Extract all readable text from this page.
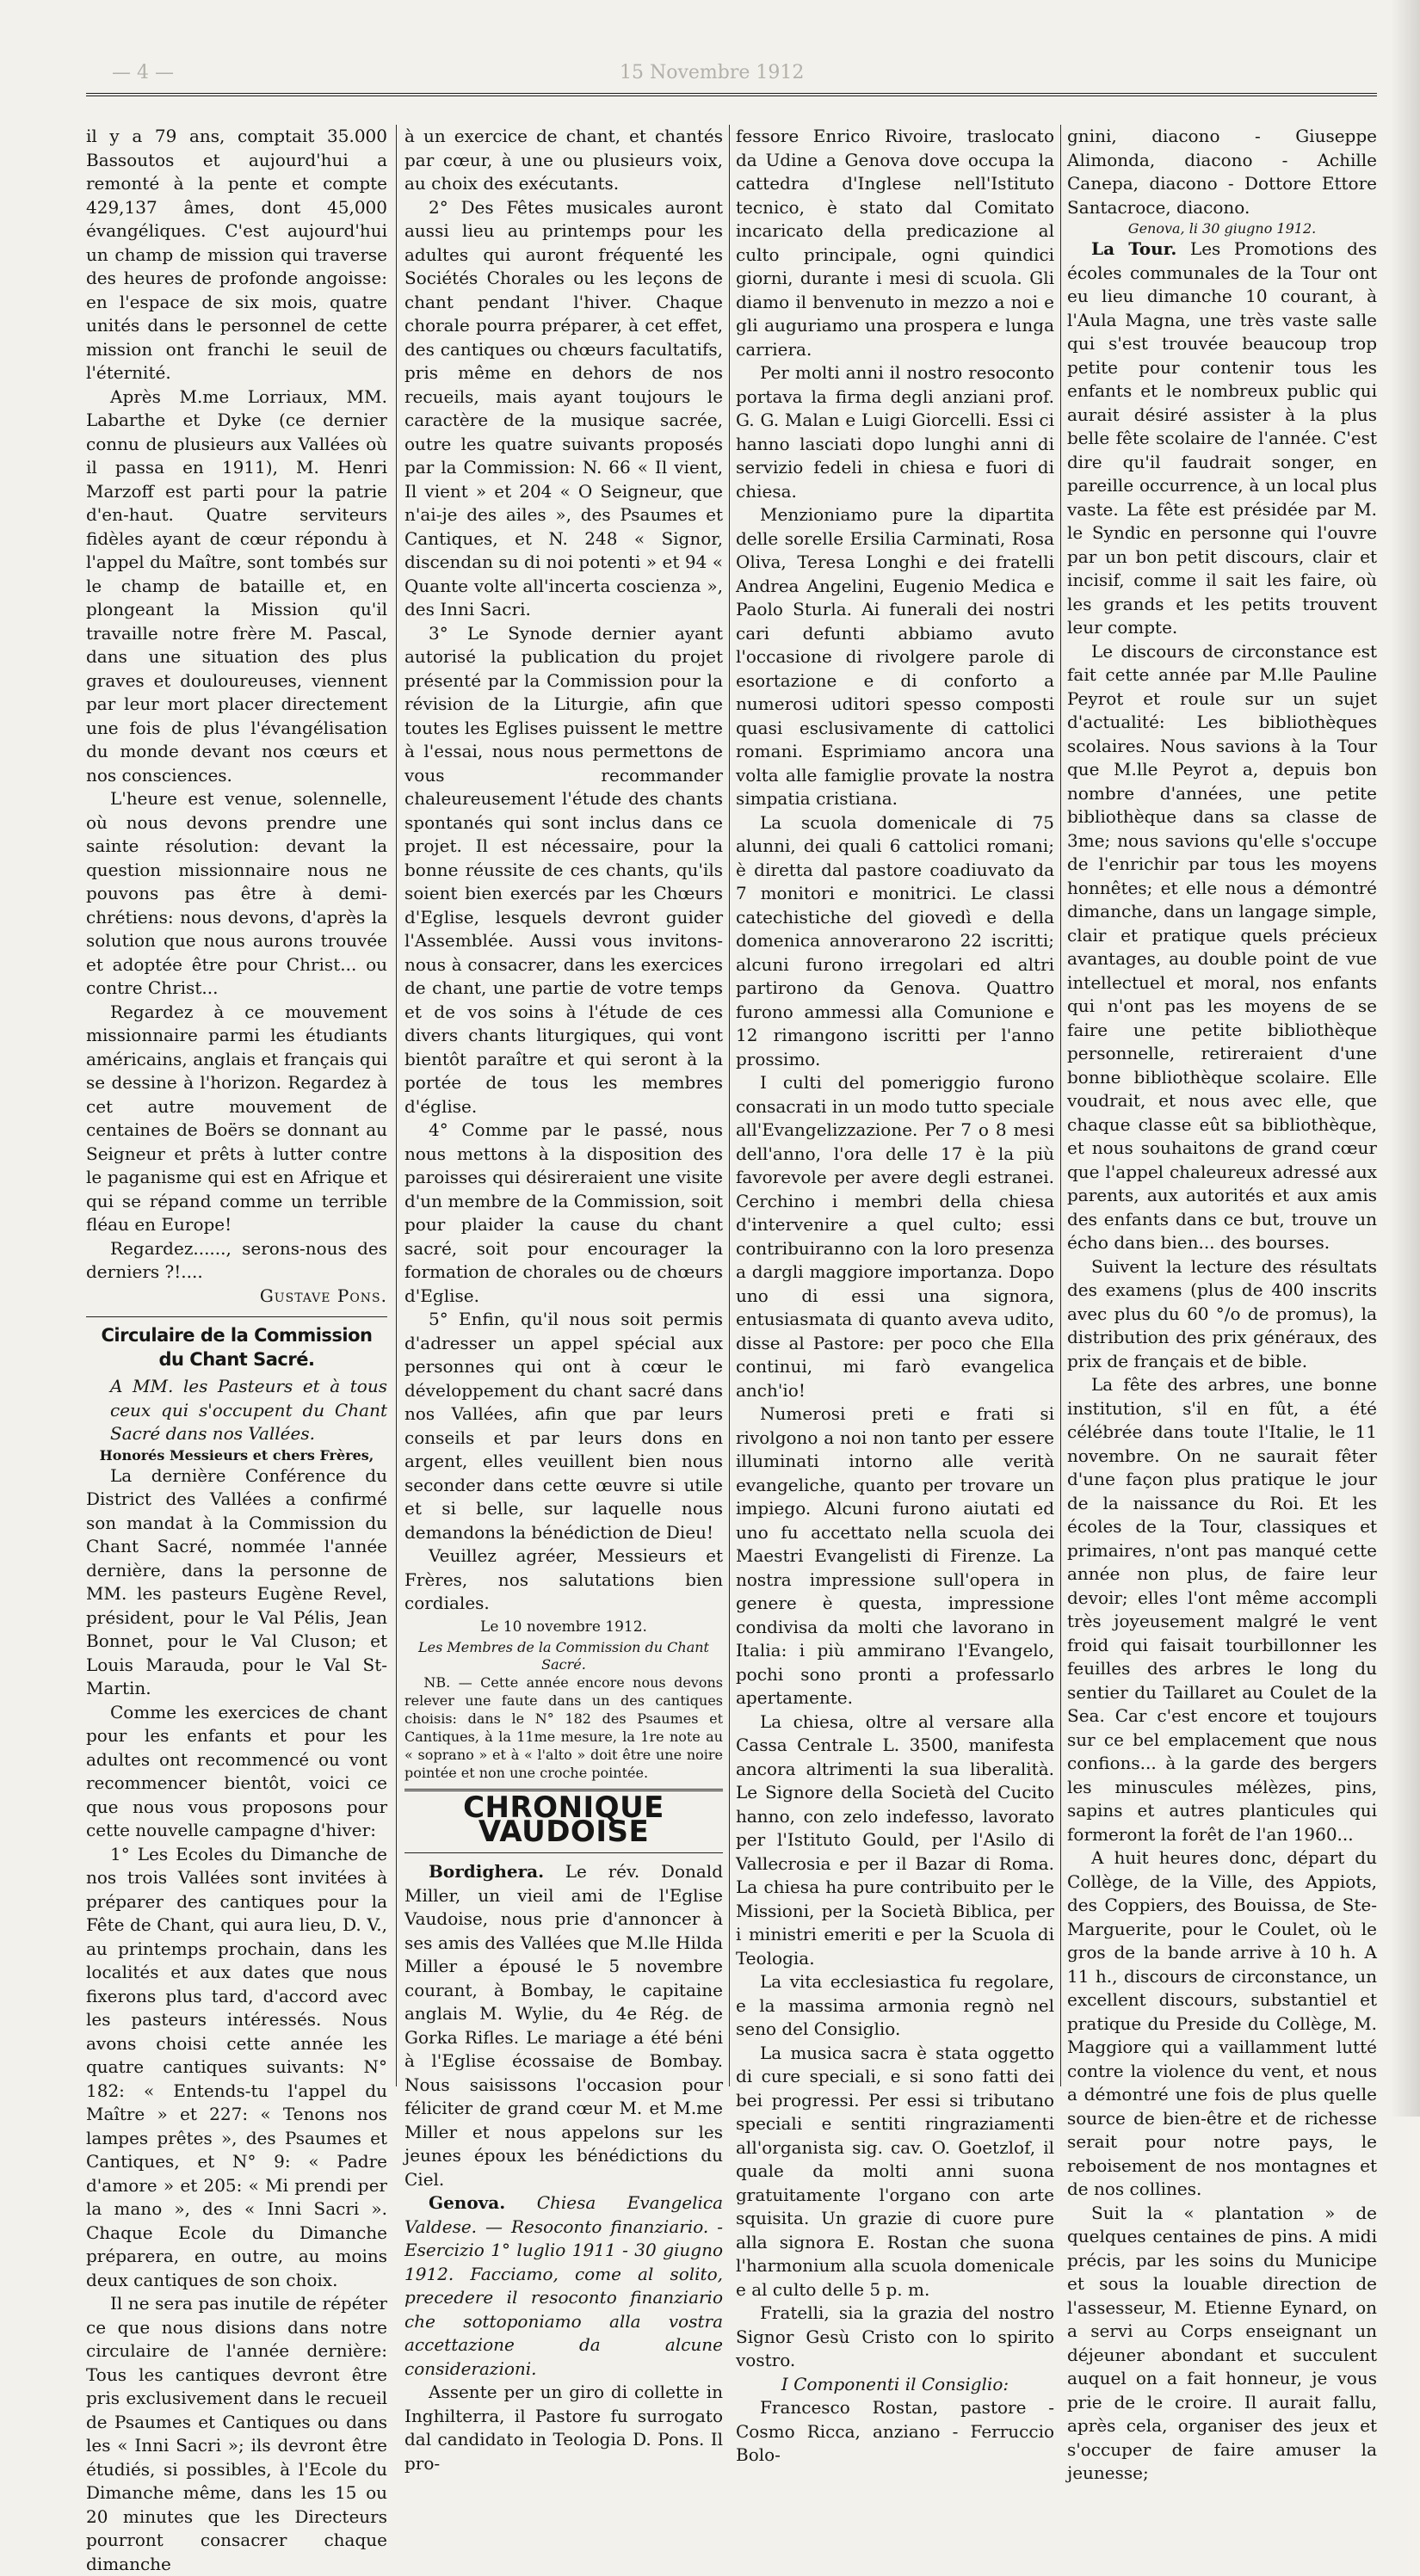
— 4 —	15 Novembre 1912

il y a 79 ans, comptait 35.000 Bassoutos et aujourd'hui a remonté à la pente et compte 429,137 âmes, dont 45,000 évangéliques. C'est aujourd'hui un champ de mission qui traverse des heures de profonde angoisse: en l'espace de six mois, quatre unités dans le personnel de cette mission ont franchi le seuil de l'éternité.

Après M.me Lorriaux, MM. Labarthe et Dyke (ce dernier connu de plusieurs aux Vallées où il passa en 1911), M. Henri Marzoff est parti pour la patrie d'en-haut. Quatre serviteurs fidèles ayant de cœur répondu à l'appel du Maître, sont tombés sur le champ de bataille et, en plongeant la Mission qu'il travaille notre frère M. Pascal, dans une situation des plus graves et douloureuses, viennent par leur mort placer directement une fois de plus l'évangélisation du monde devant nos cœurs et nos consciences.

L'heure est venue, solennelle, où nous devons prendre une sainte résolution: devant la question missionnaire nous ne pouvons pas être à demi-chrétiens: nous devons, d'après la solution que nous aurons trouvée et adoptée être pour Christ... ou contre Christ...

Regardez à ce mouvement missionnaire parmi les étudiants américains, anglais et français qui se dessine à l'horizon. Regardez à cet autre mouvement de centaines de Boërs se donnant au Seigneur et prêts à lutter contre le paganisme qui est en Afrique et qui se répand comme un terrible fléau en Europe!

Regardez......, serons-nous des derniers ?!....

Gustave Pons.

Circulaire de la Commission du Chant Sacré.

A MM. les Pasteurs et à tous ceux qui s'occupent du Chant Sacré dans nos Vallées.

Honorés Messieurs et chers Frères,

La dernière Conférence du District des Vallées a confirmé son mandat à la Commission du Chant Sacré, nommée l'année dernière, dans la personne de MM. les pasteurs Eugène Revel, président, pour le Val Pélis, Jean Bonnet, pour le Val Cluson; et Louis Marauda, pour le Val St-Martin.

Comme les exercices de chant pour les enfants et pour les adultes ont recommencé ou vont recommencer bientôt, voici ce que nous vous proposons pour cette nouvelle campagne d'hiver:

1° Les Ecoles du Dimanche de nos trois Vallées sont invitées à préparer des cantiques pour la Fête de Chant, qui aura lieu, D. V., au printemps prochain, dans les localités et aux dates que nous fixerons plus tard, d'accord avec les pasteurs intéressés. Nous avons choisi cette année les quatre cantiques suivants: N° 182: « Entends-tu l'appel du Maître » et 227: « Tenons nos lampes prêtes », des Psaumes et Cantiques, et N° 9: « Padre d'amore » et 205: « Mi prendi per la mano », des « Inni Sacri ». Chaque Ecole du Dimanche préparera, en outre, au moins deux cantiques de son choix.

Il ne sera pas inutile de répéter ce que nous disions dans notre circulaire de l'année dernière: Tous les cantiques devront être pris exclusivement dans le recueil de Psaumes et Cantiques ou dans les « Inni Sacri »; ils devront être étudiés, si possibles, à l'Ecole du Dimanche même, dans les 15 ou 20 minutes que les Directeurs pourront consacrer chaque dimanche

à un exercice de chant, et chantés par cœur, à une ou plusieurs voix, au choix des exécutants.

2° Des Fêtes musicales auront aussi lieu au printemps pour les adultes qui auront fréquenté les Sociétés Chorales ou les leçons de chant pendant l'hiver. Chaque chorale pourra préparer, à cet effet, des cantiques ou chœurs facultatifs, pris même en dehors de nos recueils, mais ayant toujours le caractère de la musique sacrée, outre les quatre suivants proposés par la Commission: N. 66 « Il vient, Il vient » et 204 « O Seigneur, que n'ai-je des ailes », des Psaumes et Cantiques, et N. 248 « Signor, discendan su di noi potenti » et 94 « Quante volte all'incerta coscienza », des Inni Sacri.

3° Le Synode dernier ayant autorisé la publication du projet présenté par la Commission pour la révision de la Liturgie, afin que toutes les Eglises puissent le mettre à l'essai, nous nous permettons de vous recommander chaleureusement l'étude des chants spontanés qui sont inclus dans ce projet. Il est nécessaire, pour la bonne réussite de ces chants, qu'ils soient bien exercés par les Chœurs d'Eglise, lesquels devront guider l'Assemblée. Aussi vous invitons-nous à consacrer, dans les exercices de chant, une partie de votre temps et de vos soins à l'étude de ces divers chants liturgiques, qui vont bientôt paraître et qui seront à la portée de tous les membres d'église.

4° Comme par le passé, nous nous mettons à la disposition des paroisses qui désireraient une visite d'un membre de la Commission, soit pour plaider la cause du chant sacré, soit pour encourager la formation de chorales ou de chœurs d'Eglise.

5° Enfin, qu'il nous soit permis d'adresser un appel spécial aux personnes qui ont à cœur le développement du chant sacré dans nos Vallées, afin que par leurs conseils et par leurs dons en argent, elles veuillent bien nous seconder dans cette œuvre si utile et si belle, sur laquelle nous demandons la bénédiction de Dieu!

Veuillez agréer, Messieurs et Frères, nos salutations bien cordiales.

Le 10 novembre 1912.

Les Membres de la Commission du Chant Sacré.

NB. — Cette année encore nous devons relever une faute dans un des cantiques choisis: dans le N° 182 des Psaumes et Cantiques, à la 11me mesure, la 1re note au « soprano » et à « l'alto » doit être une noire pointée et non une croche pointée.

CHRONIQUE VAUDOISE

Bordighera. Le rév. Donald Miller, un vieil ami de l'Eglise Vaudoise, nous prie d'annoncer à ses amis des Vallées que M.lle Hilda Miller a épousé le 5 novembre courant, à Bombay, le capitaine anglais M. Wylie, du 4e Rég. de Gorka Rifles. Le mariage a été béni à l'Eglise écossaise de Bombay. Nous saisissons l'occasion pour féliciter de grand cœur M. et M.me Miller et nous appelons sur les jeunes époux les bénédictions du Ciel.

Genova. Chiesa Evangelica Valdese. — Resoconto finanziario. - Esercizio 1° luglio 1911 - 30 giugno 1912. Facciamo, come al solito, precedere il resoconto finanziario che sottoponiamo alla vostra accettazione da alcune considerazioni.

Assente per un giro di collette in Inghilterra, il Pastore fu surrogato dal candidato in Teologia D. Pons. Il pro-

fessore Enrico Rivoire, traslocato da Udine a Genova dove occupa la cattedra d'Inglese nell'Istituto tecnico, è stato dal Comitato incaricato della predicazione al culto principale, ogni quindici giorni, durante i mesi di scuola. Gli diamo il benvenuto in mezzo a noi e gli auguriamo una prospera e lunga carriera.

Per molti anni il nostro resoconto portava la firma degli anziani prof. G. G. Malan e Luigi Giorcelli. Essi ci hanno lasciati dopo lunghi anni di servizio fedeli in chiesa e fuori di chiesa.

Menzioniamo pure la dipartita delle sorelle Ersilia Carminati, Rosa Oliva, Teresa Longhi e dei fratelli Andrea Angelini, Eugenio Medica e Paolo Sturla. Ai funerali dei nostri cari defunti abbiamo avuto l'occasione di rivolgere parole di esortazione e di conforto a numerosi uditori spesso composti quasi esclusivamente di cattolici romani. Esprimiamo ancora una volta alle famiglie provate la nostra simpatia cristiana.

La scuola domenicale di 75 alunni, dei quali 6 cattolici romani; è diretta dal pastore coadiuvato da 7 monitori e monitrici. Le classi catechistiche del giovedì e della domenica annoverarono 22 iscritti; alcuni furono irregolari ed altri partirono da Genova. Quattro furono ammessi alla Comunione e 12 rimangono iscritti per l'anno prossimo.

I culti del pomeriggio furono consacrati in un modo tutto speciale all'Evangelizzazione. Per 7 o 8 mesi dell'anno, l'ora delle 17 è la più favorevole per avere degli estranei. Cerchino i membri della chiesa d'intervenire a quel culto; essi contribuiranno con la loro presenza a dargli maggiore importanza. Dopo uno di essi una signora, entusiasmata di quanto aveva udito, disse al Pastore: per poco che Ella continui, mi farò evangelica anch'io!

Numerosi preti e frati si rivolgono a noi non tanto per essere illuminati intorno alle verità evangeliche, quanto per trovare un impiego. Alcuni furono aiutati ed uno fu accettato nella scuola dei Maestri Evangelisti di Firenze. La nostra impressione sull'opera in genere è questa, impressione condivisa da molti che lavorano in Italia: i più ammirano l'Evangelo, pochi sono pronti a professarlo apertamente.

La chiesa, oltre al versare alla Cassa Centrale L. 3500, manifesta ancora altrimenti la sua liberalità. Le Signore della Società del Cucito hanno, con zelo indefesso, lavorato per l'Istituto Gould, per l'Asilo di Vallecrosia e per il Bazar di Roma. La chiesa ha pure contribuito per le Missioni, per la Società Biblica, per i ministri emeriti e per la Scuola di Teologia.

La vita ecclesiastica fu regolare, e la massima armonia regnò nel seno del Consiglio.

La musica sacra è stata oggetto di cure speciali, e si sono fatti dei bei progressi. Per essi si tributano speciali e sentiti ringraziamenti all'organista sig. cav. O. Goetzlof, il quale da molti anni suona gratuitamente l'organo con arte squisita. Un grazie di cuore pure alla signora E. Rostan che suona l'harmonium alla scuola domenicale e al culto delle 5 p. m.

Fratelli, sia la grazia del nostro Signor Gesù Cristo con lo spirito vostro.

I Componenti il Consiglio:

Francesco Rostan, pastore - Cosmo Ricca, anziano - Ferruccio Bolo-

gnini, diacono - Giuseppe Alimonda, diacono - Achille Canepa, diacono - Dottore Ettore Santacroce, diacono.

Genova, li 30 giugno 1912.

La Tour. Les Promotions des écoles communales de la Tour ont eu lieu dimanche 10 courant, à l'Aula Magna, une très vaste salle qui s'est trouvée beaucoup trop petite pour contenir tous les enfants et le nombreux public qui aurait désiré assister à la plus belle fête scolaire de l'année. C'est dire qu'il faudrait songer, en pareille occurrence, à un local plus vaste. La fête est présidée par M. le Syndic en personne qui l'ouvre par un bon petit discours, clair et incisif, comme il sait les faire, où les grands et les petits trouvent leur compte.

Le discours de circonstance est fait cette année par M.lle Pauline Peyrot et roule sur un sujet d'actualité: Les bibliothèques scolaires. Nous savions à la Tour que M.lle Peyrot a, depuis bon nombre d'années, une petite bibliothèque dans sa classe de 3me; nous savions qu'elle s'occupe de l'enrichir par tous les moyens honnêtes; et elle nous a démontré dimanche, dans un langage simple, clair et pratique quels précieux avantages, au double point de vue intellectuel et moral, nos enfants qui n'ont pas les moyens de se faire une petite bibliothèque personnelle, retireraient d'une bonne bibliothèque scolaire. Elle voudrait, et nous avec elle, que chaque classe eût sa bibliothèque, et nous souhaitons de grand cœur que l'appel chaleureux adressé aux parents, aux autorités et aux amis des enfants dans ce but, trouve un écho dans bien... des bourses.

Suivent la lecture des résultats des examens (plus de 400 inscrits avec plus du 60 °/o de promus), la distribution des prix généraux, des prix de français et de bible.

La fête des arbres, une bonne institution, s'il en fût, a été célébrée dans toute l'Italie, le 11 novembre. On ne saurait fêter d'une façon plus pratique le jour de la naissance du Roi. Et les écoles de la Tour, classiques et primaires, n'ont pas manqué cette année non plus, de faire leur devoir; elles l'ont même accompli très joyeusement malgré le vent froid qui faisait tourbillonner les feuilles des arbres le long du sentier du Taillaret au Coulet de la Sea. Car c'est encore et toujours sur ce bel emplacement que nous confions... à la garde des bergers les minuscules mélèzes, pins, sapins et autres planticules qui formeront la forêt de l'an 1960...

A huit heures donc, départ du Collège, de la Ville, des Appiots, des Coppiers, des Bouissa, de Ste-Marguerite, pour le Coulet, où le gros de la bande arrive à 10 h. A 11 h., discours de circonstance, un excellent discours, substantiel et pratique du Preside du Collège, M. Maggiore qui a vaillamment lutté contre la violence du vent, et nous a démontré une fois de plus quelle source de bien-être et de richesse serait pour notre pays, le reboisement de nos montagnes et de nos collines.

Suit la « plantation » de quelques centaines de pins. A midi précis, par les soins du Municipe et sous la louable direction de l'assesseur, M. Etienne Eynard, on a servi au Corps enseignant un déjeuner abondant et succulent auquel on a fait honneur, je vous prie de le croire. Il aurait fallu, après cela, organiser des jeux et s'occuper de faire amuser la jeunesse;
